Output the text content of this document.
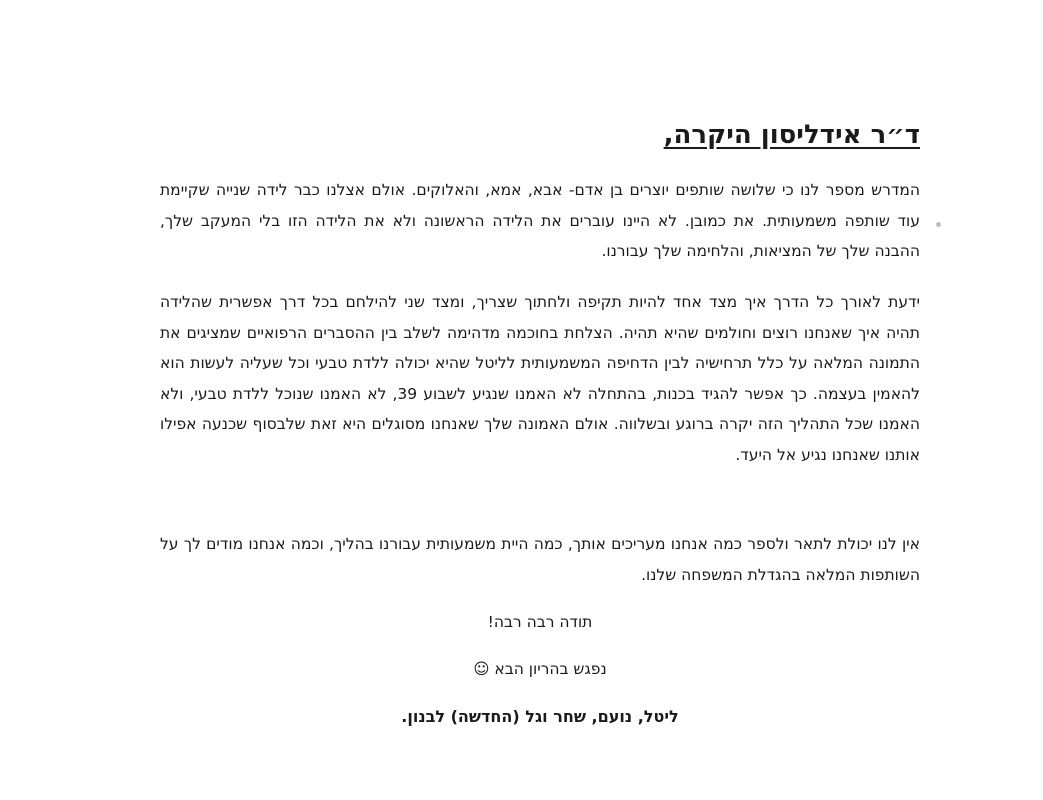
ד״ר אידליסון היקרה,

המדרש מספר לנו כי שלושה שותפים יוצרים בן אדם- אבא, אמא, והאלוקים. אולם אצלנו כבר לידה שנייה שקיימת עוד שותפה משמעותית. את כמובן. לא היינו עוברים את הלידה הראשונה ולא את הלידה הזו בלי המעקב שלך, ההבנה שלך של המציאות, והלחימה שלך עבורנו.

ידעת לאורך כל הדרך איך מצד אחד להיות תקיפה ולחתוך שצריך, ומצד שני להילחם בכל דרך אפשרית שהלידה תהיה איך שאנחנו רוצים וחולמים שהיא תהיה. הצלחת בחוכמה מדהימה לשלב בין ההסברים הרפואיים שמציגים את התמונה המלאה על כלל תרחישיה לבין הדחיפה המשמעותית לליטל שהיא יכולה ללדת טבעי וכל שעליה לעשות הוא להאמין בעצמה. כך אפשר להגיד בכנות, בהתחלה לא האמנו שנגיע לשבוע 39, לא האמנו שנוכל ללדת טבעי, ולא האמנו שכל התהליך הזה יקרה ברוגע ובשלווה. אולם האמונה שלך שאנחנו מסוגלים היא זאת שלבסוף שכנעה אפילו אותנו שאנחנו נגיע אל היעד.

אין לנו יכולת לתאר ולספר כמה אנחנו מעריכים אותך, כמה היית משמעותית עבורנו בהליך, וכמה אנחנו מודים לך על השותפות המלאה בהגדלת המשפחה שלנו.

תודה רבה רבה!

נפגש בהריון הבא ☺

ליטל, נועם, שחר וגל (החדשה) לבנון.
